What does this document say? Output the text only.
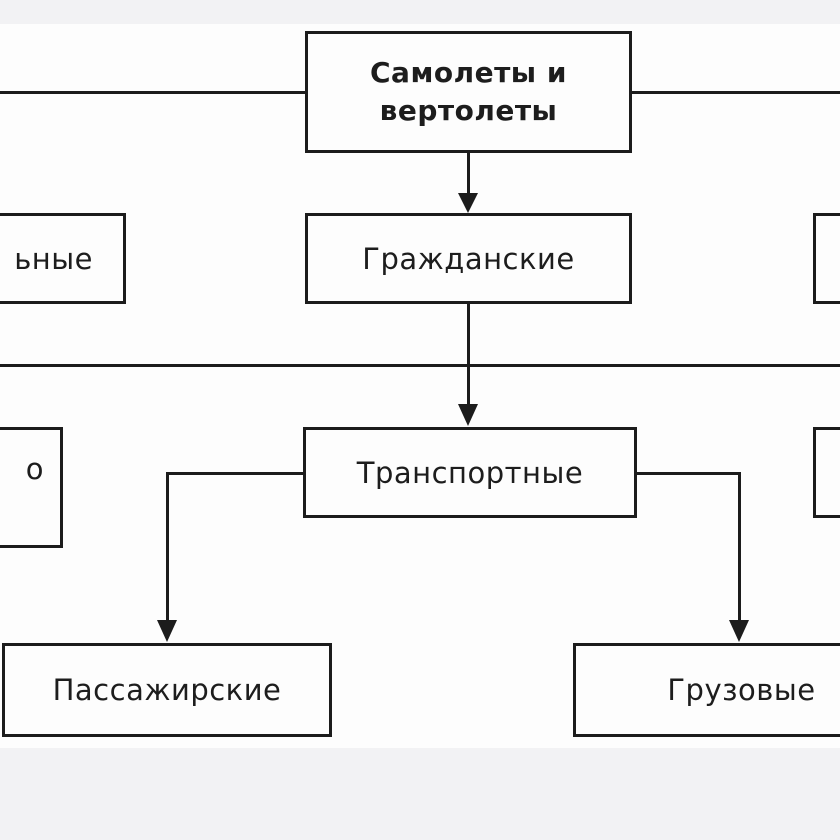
Самолеты и вертолеты
ьные	Гражданские
о	Транспортные
Пассажирские	Грузовые
